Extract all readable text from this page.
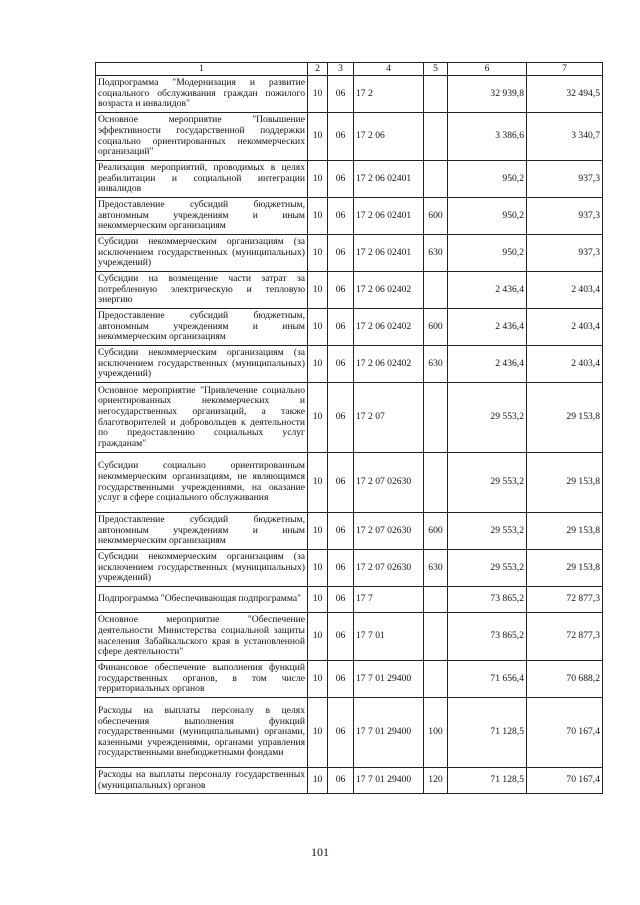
1	2	3	4	5	6	7
Подпрограмма "Модернизация и развитие социального обслуживания граждан пожилого возраста и инвалидов"	10	06	17 2		32 939,8	32 494,5
Основное мероприятие "Повышение эффективности государственной поддержки социально ориентированных некоммерческих организаций"	10	06	17 2 06		3 386,6	3 340,7
Реализация мероприятий, проводимых в целях реабилитации и социальной интеграции инвалидов	10	06	17 2 06 02401		950,2	937,3
Предоставление субсидий бюджетным, автономным учреждениям и иным некоммерческим организациям	10	06	17 2 06 02401	600	950,2	937,3
Субсидии некоммерческим организациям (за исключением государственных (муниципальных) учреждений)	10	06	17 2 06 02401	630	950,2	937,3
Субсидии на возмещение части затрат за потребленную электрическую и тепловую энергию	10	06	17 2 06 02402		2 436,4	2 403,4
Предоставление субсидий бюджетным, автономным учреждениям и иным некоммерческим организациям	10	06	17 2 06 02402	600	2 436,4	2 403,4
Субсидии некоммерческим организациям (за исключением государственных (муниципальных) учреждений)	10	06	17 2 06 02402	630	2 436,4	2 403,4
Основное мероприятие "Привлечение социально ориентированных некоммерческих и негосударственных организаций, а также благотворителей и добровольцев к деятельности по предоставлению социальных услуг гражданам"	10	06	17 2 07		29 553,2	29 153,8
Субсидии социально ориентированным некоммерческим организациям, не являющимся государственными учреждениями, на оказание услуг в сфере социального обслуживания	10	06	17 2 07 02630		29 553,2	29 153,8
Предоставление субсидий бюджетным, автономным учреждениям и иным некоммерческим организациям	10	06	17 2 07 02630	600	29 553,2	29 153,8
Субсидии некоммерческим организациям (за исключением государственных (муниципальных) учреждений)	10	06	17 2 07 02630	630	29 553,2	29 153,8
Подпрограмма "Обеспечивающая подпрограмма"	10	06	17 7		73 865,2	72 877,3
Основное мероприятие "Обеспечение деятельности Министерства социальной защиты населения Забайкальского края в установленной сфере деятельности"	10	06	17 7 01		73 865,2	72 877,3
Финансовое обеспечение выполнения функций государственных органов, в том числе территориальных органов	10	06	17 7 01 29400		71 656,4	70 688,2
Расходы на выплаты персоналу в целях обеспечения выполнения функций государственными (муниципальными) органами, казенными учреждениями, органами управления государственными внебюджетными фондами	10	06	17 7 01 29400	100	71 128,5	70 167,4
Расходы на выплаты персоналу государственных (муниципальных) органов	10	06	17 7 01 29400	120	71 128,5	70 167,4
101
